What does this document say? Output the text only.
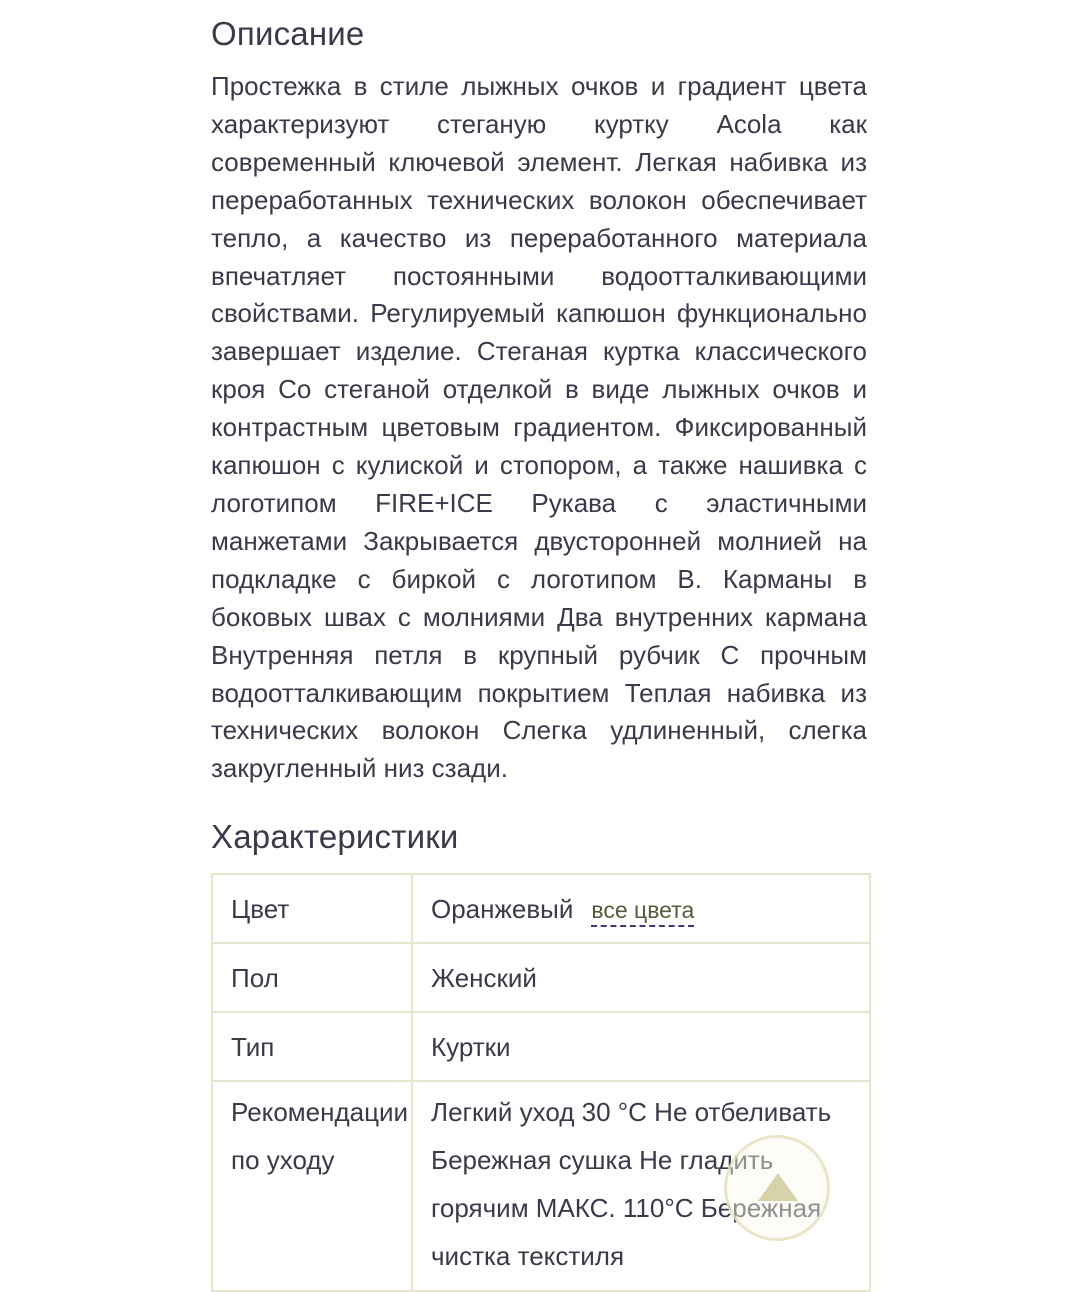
Описание

Простежка в стиле лыжных очков и градиент цвета характеризуют стеганую куртку Acola как современный ключевой элемент. Легкая набивка из переработанных технических волокон обеспечивает тепло, а качество из переработанного материала впечатляет постоянными водоотталкивающими свойствами. Регулируемый капюшон функционально завершает изделие. Стеганая куртка классического кроя Со стеганой отделкой в виде лыжных очков и контрастным цветовым градиентом. Фиксированный капюшон с кулиской и стопором, а также нашивка с логотипом FIRE+ICE Рукава с эластичными манжетами Закрывается двусторонней молнией на подкладке с биркой с логотипом B. Карманы в боковых швах с молниями Два внутренних кармана Внутренняя петля в крупный рубчик С прочным водоотталкивающим покрытием Теплая набивка из технических волокон Слегка удлиненный, слегка закругленный низ сзади.

Характеристики
Цвет	Оранжевый все цвета
Пол	Женский
Тип	Куртки
Рекомендации по уходу	Легкий уход 30 °C Не отбеливать Бережная сушка Не гладить горячим МАКС. 110°C Бережная чистка текстиля
